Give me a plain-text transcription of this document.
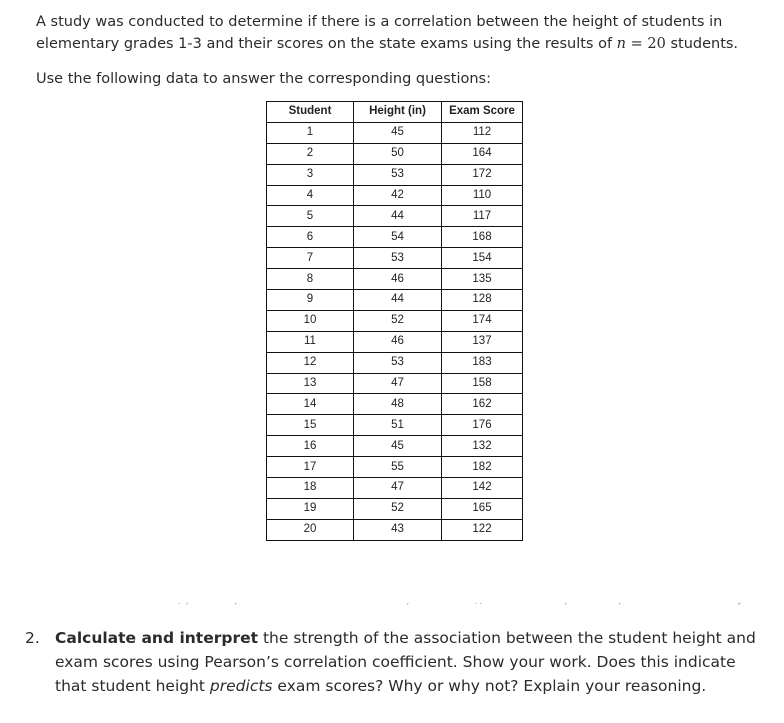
A study was conducted to determine if there is a correlation between the height of students in elementary grades 1-3 and their scores on the state exams using the results of n = 20 students.
Use the following data to answer the corresponding questions:
Student	Height (in)	Exam Score
1	45	112
2	50	164
3	53	172
4	42	110
5	44	117
6	54	168
7	53	154
8	46	135
9	44	128
10	52	174
11	46	137
12	53	183
13	47	158
14	48	162
15	51	176
16	45	132
17	55	182
18	47	142
19	52	165
20	43	122
˙ ˊ	ˊ	ˊ	˙˙	ˊ	ˊ	ˇ
2. Calculate and interpret the strength of the association between the student height and exam scores using Pearson’s correlation coefficient. Show your work. Does this indicate that student height predicts exam scores? Why or why not? Explain your reasoning.
